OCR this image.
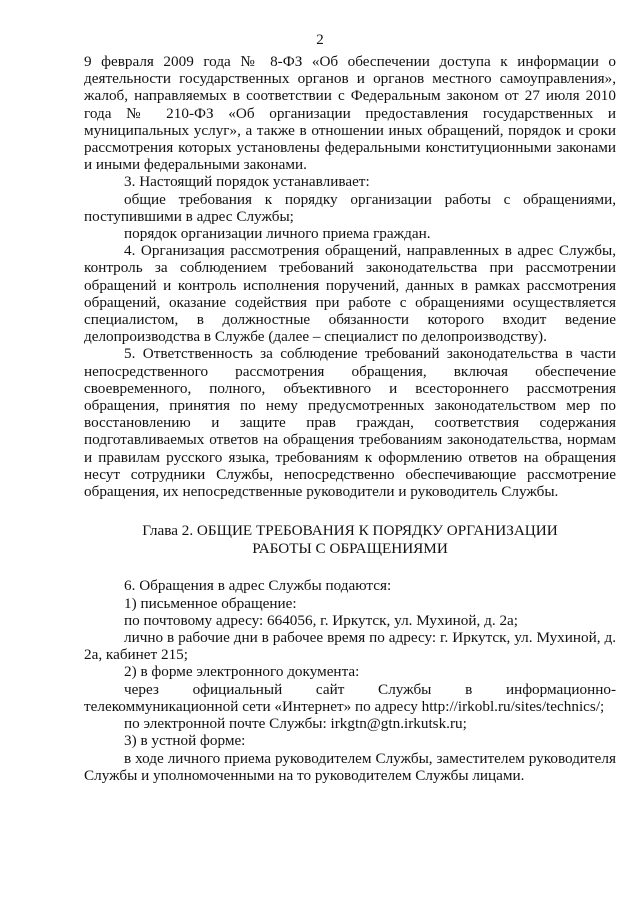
2

9 февраля 2009 года № 8-ФЗ «Об обеспечении доступа к информации о деятельности государственных органов и органов местного самоуправления», жалоб, направляемых в соответствии с Федеральным законом от 27 июля 2010 года № 210-ФЗ «Об организации предоставления государственных и муниципальных услуг», а также в отношении иных обращений, порядок и сроки рассмотрения которых установлены федеральными конституционными законами и иными федеральными законами.

3. Настоящий порядок устанавливает:

общие требования к порядку организации работы с обращениями, поступившими в адрес Службы;

порядок организации личного приема граждан.

4. Организация рассмотрения обращений, направленных в адрес Службы, контроль за соблюдением требований законодательства при рассмотрении обращений и контроль исполнения поручений, данных в рамках рассмотрения обращений, оказание содействия при работе с обращениями осуществляется специалистом, в должностные обязанности которого входит ведение делопроизводства в Службе (далее – специалист по делопроизводству).

5. Ответственность за соблюдение требований законодательства в части непосредственного рассмотрения обращения, включая обеспечение своевременного, полного, объективного и всестороннего рассмотрения обращения, принятия по нему предусмотренных законодательством мер по восстановлению и защите прав граждан, соответствия содержания подготавливаемых ответов на обращения требованиям законодательства, нормам и правилам русского языка, требованиям к оформлению ответов на обращения несут сотрудники Службы, непосредственно обеспечивающие рассмотрение обращения, их непосредственные руководители и руководитель Службы.

Глава 2. ОБЩИЕ ТРЕБОВАНИЯ К ПОРЯДКУ ОРГАНИЗАЦИИ
РАБОТЫ С ОБРАЩЕНИЯМИ

6. Обращения в адрес Службы подаются:

1) письменное обращение:

по почтовому адресу: 664056, г. Иркутск, ул. Мухиной, д. 2а;

лично в рабочие дни в рабочее время по адресу: г. Иркутск, ул. Мухиной, д. 2а, кабинет 215;

2) в форме электронного документа:

через официальный сайт Службы в информационно-телекоммуникационной сети «Интернет» по адресу http://irkobl.ru/sites/technics/;

по электронной почте Службы: irkgtn@gtn.irkutsk.ru;

3) в устной форме:

в ходе личного приема руководителем Службы, заместителем руководителя Службы и уполномоченными на то руководителем Службы лицами.
